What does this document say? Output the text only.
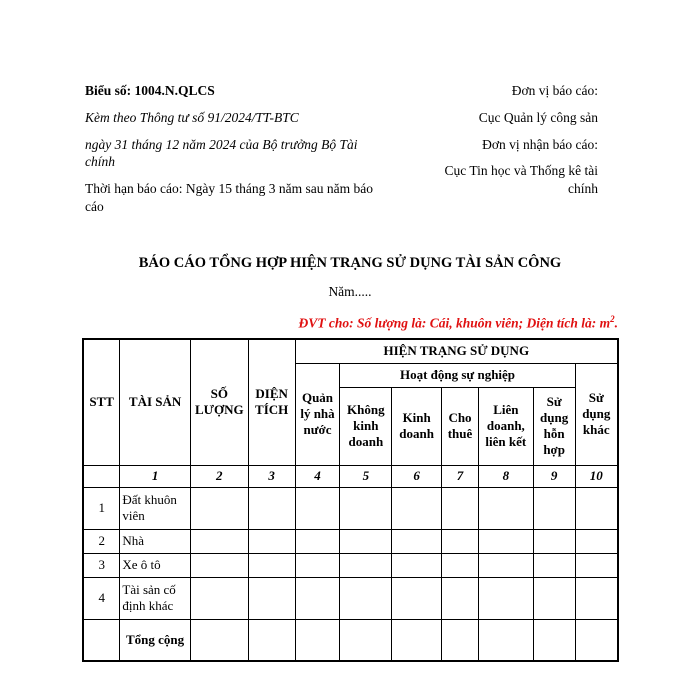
Biểu số: 1004.N.QLCS

Kèm theo Thông tư số 91/2024/TT-BTC

ngày 31 tháng 12 năm 2024 của Bộ trưởng Bộ Tài chính

Thời hạn báo cáo: Ngày 15 tháng 3 năm sau năm báo cáo

Đơn vị báo cáo:

Cục Quản lý công sản

Đơn vị nhận báo cáo:

Cục Tin học và Thống kê tài chính

BÁO CÁO TỔNG HỢP HIỆN TRẠNG SỬ DỤNG TÀI SẢN CÔNG
Năm.....
ĐVT cho: Số lượng là: Cái, khuôn viên; Diện tích là: $m^2$.
STT	TÀI SẢN	SỐ LƯỢNG	DIỆN TÍCH	HIỆN TRẠNG SỬ DỤNG						
				Quản lý nhà nước	Hoạt động sự nghiệp					Sử dụng khác
					Không kinh doanh	Kinh doanh	Cho thuê	Liên doanh, liên kết	Sử dụng hỗn hợp	
	1	2	3	4	5	6	7	8	9	10
1	Đất khuôn viên									
2	Nhà									
3	Xe ô tô									
4	Tài sản cố định khác									
	Tổng cộng									
